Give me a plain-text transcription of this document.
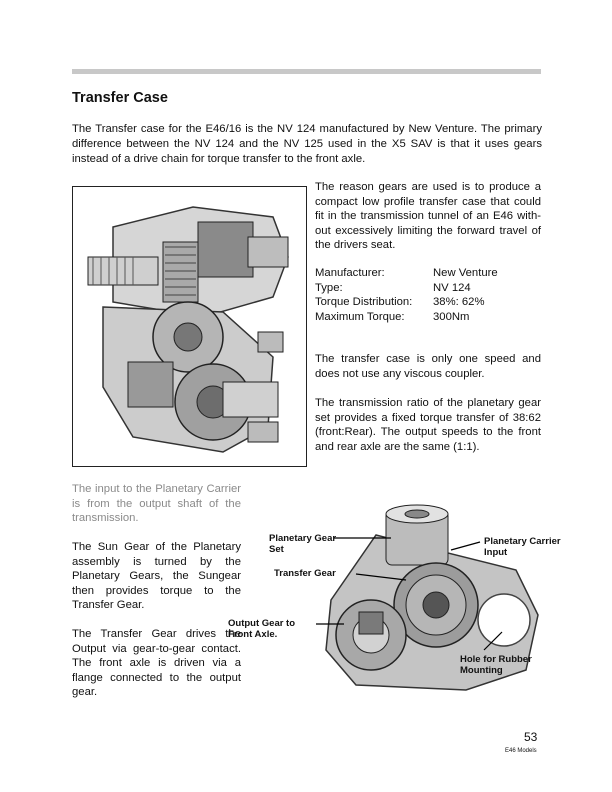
Transfer Case
The Transfer case for the E46/16 is the NV 124 manufactured by New Venture. The primary difference between the NV 124 and the NV 125 used in the X5 SAV is that it uses gears instead of a drive chain for torque transfer to the front axle.
The reason gears are used is to produce a compact low profile transfer case that could fit in the transmission tunnel of an E46 with-out excessively limiting the forward travel of the drivers seat.
Manufacturer:	New Venture
Type:	NV 124
Torque Distribution:	38%: 62%
Maximum Torque:	300Nm
The transfer case is only one speed and does not use any viscous coupler.
The transmission ratio of the planetary gear set provides a fixed torque transfer of 38:62 (front:Rear). The output speeds to the front and rear axle are the same (1:1).
The input to the Planetary Carrier is from the output shaft of the transmission.
The Sun Gear of the Planetary assembly is turned by the Planetary Gears, the Sungear then provides torque to the Transfer Gear.
The Transfer Gear drives the Output via gear-to-gear contact. The front axle is driven via a flange connected to the output gear.
Planetary Gear Set
Transfer Gear
Output Gear to Front Axle.
Planetary Carrier Input
Hole for Rubber Mounting
53
E46 Models
